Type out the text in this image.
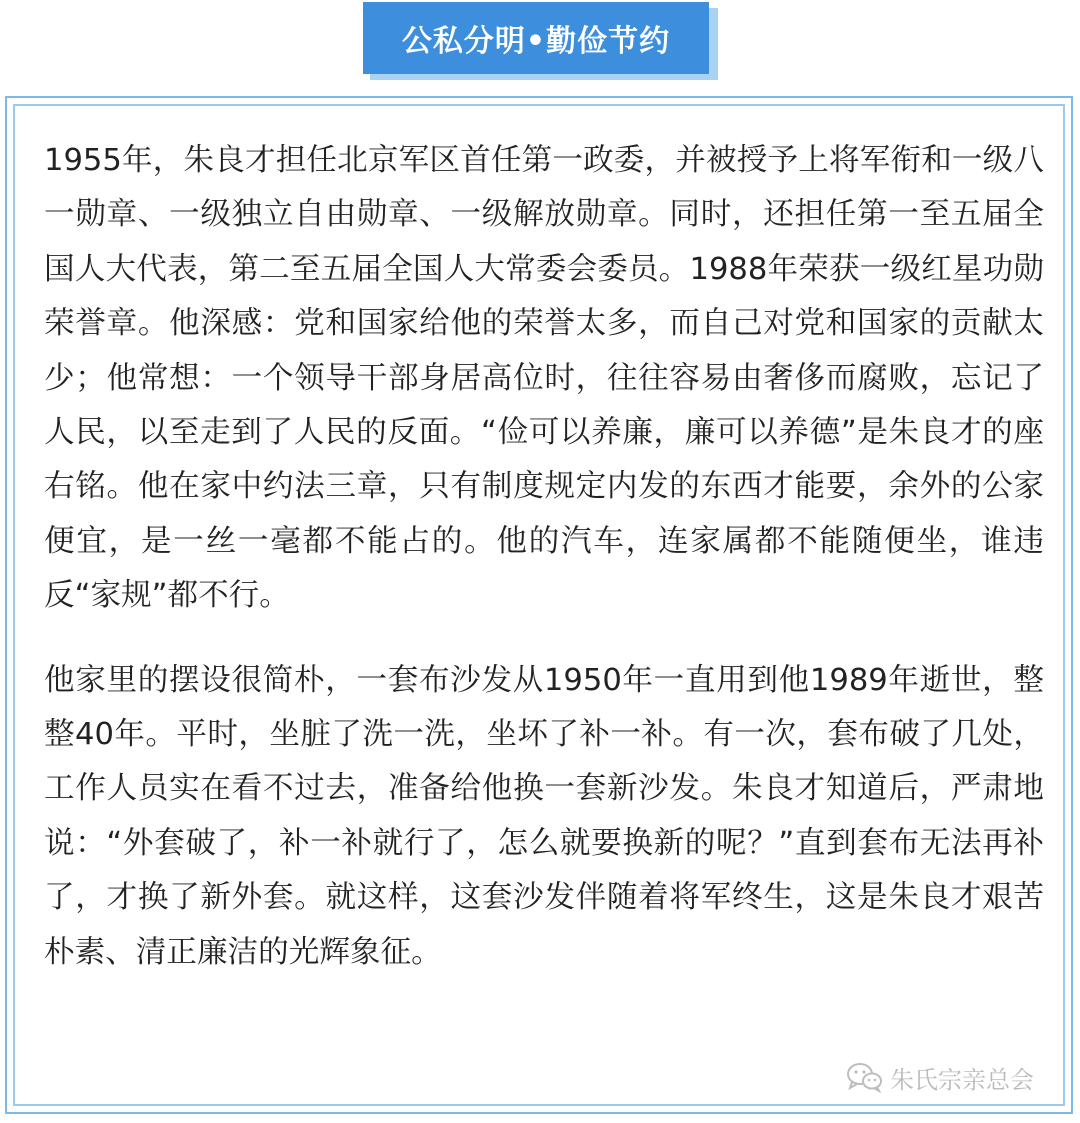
公私分明•勤俭节约

1955年，朱良才担任北京军区首任第一政委，并被授予上将军衔和一级八一勋章、一级独立自由勋章、一级解放勋章。同时，还担任第一至五届全国人大代表，第二至五届全国人大常委会委员。1988年荣获一级红星功勋荣誉章。他深感：党和国家给他的荣誉太多，而自己对党和国家的贡献太少；他常想：一个领导干部身居高位时，往往容易由奢侈而腐败，忘记了人民，以至走到了人民的反面。“俭可以养廉，廉可以养德”是朱良才的座右铭。他在家中约法三章，只有制度规定内发的东西才能要，余外的公家便宜，是一丝一毫都不能占的。他的汽车，连家属都不能随便坐，谁违反“家规”都不行。

他家里的摆设很简朴，一套布沙发从1950年一直用到他1989年逝世，整整40年。平时，坐脏了洗一洗，坐坏了补一补。有一次，套布破了几处，工作人员实在看不过去，准备给他换一套新沙发。朱良才知道后，严肃地说：“外套破了，补一补就行了，怎么就要换新的呢？”直到套布无法再补了，才换了新外套。就这样，这套沙发伴随着将军终生，这是朱良才艰苦朴素、清正廉洁的光辉象征。

朱氏宗亲总会
